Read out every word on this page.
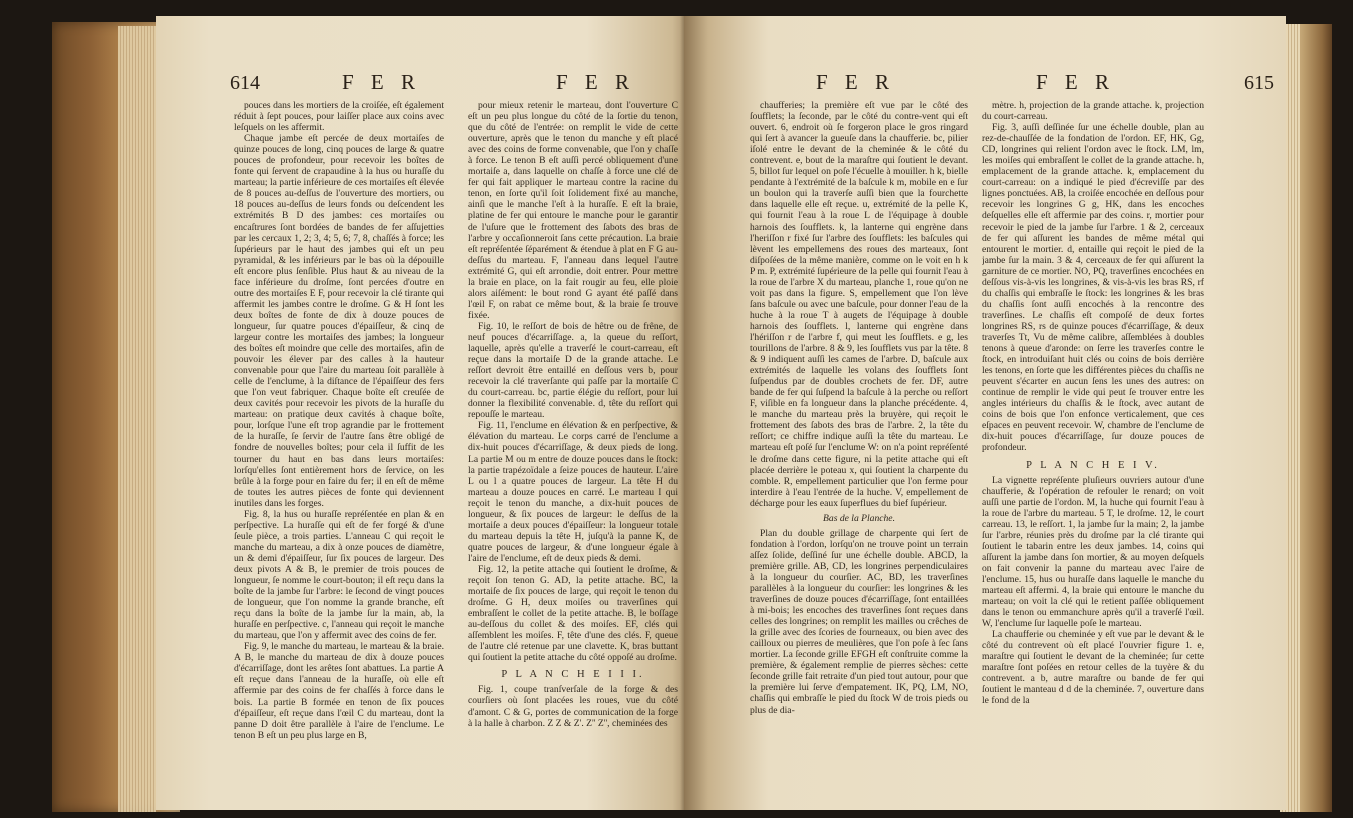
614	F E R	F E R

pouces dans les mortiers de la croiſée, eſt également réduit à ſept pouces, pour laiſſer place aux coins avec leſquels on les affermit.

Chaque jambe eſt percée de deux mortaiſes de quinze pouces de long, cinq pouces de large & quatre pouces de profondeur, pour recevoir les boîtes de fonte qui ſervent de crapaudine à la hus ou huraſſe du marteau; la partie inférieure de ces mortaiſes eſt élevée de 8 pouces au-deſſus de l'ouverture des mortiers, ou 18 pouces au-deſſus de leurs fonds ou deſcendent les extrémités B D des jambes: ces mortaiſes ou encaſtrures ſont bordées de bandes de fer aſſujetties par les cercaux 1, 2; 3, 4; 5, 6; 7, 8, chaſſés à force; les ſupérieurs par le haut des jambes qui eſt un peu pyramidal, & les inférieurs par le bas où la dépouille eſt encore plus ſenſible. Plus haut & au niveau de la face inférieure du droſme, ſont percées d'outre en outre des mortaiſes E F, pour recevoir la clé tirante qui affermit les jambes contre le droſme. G & H ſont les deux boîtes de fonte de dix à douze pouces de longueur, ſur quatre pouces d'épaiſſeur, & cinq de largeur contre les mortaiſes des jambes; la longueur des boîtes eſt moindre que celle des mortaiſes, afin de pouvoir les élever par des calles à la hauteur convenable pour que l'aire du marteau ſoit parallèle à celle de l'enclume, à la diſtance de l'épaiſſeur des fers que l'on veut fabriquer. Chaque boîte eſt creuſée de deux cavités pour recevoir les pivots de la huraſſe du marteau: on pratique deux cavités à chaque boîte, pour, lorſque l'une eſt trop agrandie par le frottement de la huraſſe, ſe ſervir de l'autre ſans être obligé de fondre de nouvelles boîtes; pour cela il ſuffit de les tourner du haut en bas dans leurs mortaiſes: lorſqu'elles ſont entièrement hors de ſervice, on les brûle à la forge pour en faire du fer; il en eſt de même de toutes les autres pièces de fonte qui deviennent inutiles dans les forges.

Fig. 8, la hus ou huraſſe repréſentée en plan & en perſpective. La huraſſe qui eſt de fer forgé & d'une ſeule pièce, a trois parties. L'anneau C qui reçoit le manche du marteau, a dix à onze pouces de diamètre, un & demi d'épaiſſeur, ſur ſix pouces de largeur. Des deux pivots A & B, le premier de trois pouces de longueur, ſe nomme le court-bouton; il eſt reçu dans la boîte de la jambe ſur l'arbre: le ſecond de vingt pouces de longueur, que l'on nomme la grande branche, eſt reçu dans la boîte de la jambe ſur la main, ab, la huraſſe en perſpective. c, l'anneau qui reçoit le manche du marteau, que l'on y affermit avec des coins de fer.

Fig. 9, le manche du marteau, le marteau & la braie. A B, le manche du marteau de dix à douze pouces d'écarriſſage, dont les arêtes ſont abattues. La partie A eſt reçue dans l'anneau de la huraſſe, où elle eſt affermie par des coins de fer chaſſés à force dans le bois. La partie B formée en tenon de ſix pouces d'épaiſſeur, eſt reçue dans l'œil C du marteau, dont la panne D doit être parallèle à l'aire de l'enclume. Le tenon B eſt un peu plus large en B,

pour mieux retenir le marteau, dont l'ouverture C eſt un peu plus longue du côté de la ſortie du tenon, que du côté de l'entrée: on remplit le vide de cette ouverture, après que le tenon du manche y eſt placé avec des coins de forme convenable, que l'on y chaſſe à force. Le tenon B eſt auſſi percé obliquement d'une mortaiſe a, dans laquelle on chaſſe à force une clé de fer qui fait appliquer le marteau contre la racine du tenon, en ſorte qu'il ſoit ſolidement fixé au manche, ainſi que le manche l'eſt à la huraſſe. E eſt la braie, platine de fer qui entoure le manche pour le garantir de l'uſure que le frottement des ſabots des bras de l'arbre y occaſionneroit ſans cette précaution. La braie eſt repréſentée ſéparément & étendue à plat en F G au-deſſus du marteau. F, l'anneau dans lequel l'autre extrémité G, qui eſt arrondie, doit entrer. Pour mettre la braie en place, on la fait rougir au feu, elle ploie alors aiſément: le bout rond G ayant été paſſé dans l'œil F, on rabat ce même bout, & la braie ſe trouve fixée.

Fig. 10, le reſſort de bois de hêtre ou de frêne, de neuf pouces d'écarriſſage. a, la queue du reſſort, laquelle, après qu'elle a traverſé le court-carreau, eſt reçue dans la mortaiſe D de la grande attache. Le reſſort devroit être entaillé en deſſous vers b, pour recevoir la clé traverſante qui paſſe par la mortaiſe C du court-carreau. bc, partie élégie du reſſort, pour lui donner la flexibilité convenable. d, tête du reſſort qui repouſſe le marteau.

Fig. 11, l'enclume en élévation & en perſpective, & élévation du marteau. Le corps carré de l'enclume a dix-huit pouces d'écarriſſage, & deux pieds de long. La partie M ou m entre de douze pouces dans le ſtock: la partie trapézoïdale a ſeize pouces de hauteur. L'aire L ou l a quatre pouces de largeur. La tête H du marteau a douze pouces en carré. Le marteau I qui reçoit le tenon du manche, a dix-huit pouces de longueur, & ſix pouces de largeur: le deſſus de la mortaiſe a deux pouces d'épaiſſeur: la longueur totale du marteau depuis la tête H, juſqu'à la panne K, de quatre pouces de largeur, & d'une longueur égale à l'aire de l'enclume, eſt de deux pieds & demi.

Fig. 12, la petite attache qui ſoutient le droſme, & reçoit ſon tenon G. AD, la petite attache. BC, la mortaiſe de ſix pouces de large, qui reçoit le tenon du droſme. G H, deux moiſes ou traverſines qui embraſſent le collet de la petite attache. B, le boſſage au-deſſous du collet & des moiſes. EF, clés qui aſſemblent les moiſes. F, tête d'une des clés. F, queue de l'autre clé retenue par une clavette. K, bras buttant qui ſoutient la petite attache du côté oppoſé au droſme.

P L A N C H E I I I.

Fig. 1, coupe tranſverſale de la forge & des courſiers où ſont placées les roues, vue du côté d'amont. C & G, portes de communication de la forge à la halle à charbon. Z Z & Z'. Z'' Z'', cheminées des

F E R	F E R	615

chaufferies; la première eſt vue par le côté des ſoufflets; la ſeconde, par le côté du contre-vent qui eſt ouvert. 6, endroit où ſe forgeron place le gros ringard qui ſert à avancer la gueuſe dans la chaufferie. bc, pilier iſolé entre le devant de la cheminée & le côté du contrevent. e, bout de la maraſtre qui ſoutient le devant. 5, billot ſur lequel on poſe l'écuelle à mouiller. h k, bielle pendante à l'extrémité de la baſcule k m, mobile en e ſur un boulon qui la traverſe auſſi bien que la fourchette dans laquelle elle eſt reçue. u, extrémité de la pelle K, qui fournit l'eau à la roue L de l'équipage à double harnois des ſoufflets. k, la lanterne qui engrène dans l'heriſſon r fixé ſur l'arbre des ſoufflets: les baſcules qui lèvent les empellemens des roues des marteaux, ſont diſpoſées de la même manière, comme on le voit en h k P m. P, extrémité ſupérieure de la pelle qui fournit l'eau à la roue de l'arbre X du marteau, planche 1, roue qu'on ne voit pas dans la figure. S, empellement que l'on lève ſans baſcule ou avec une baſcule, pour donner l'eau de la huche à la roue T à augets de l'équipage à double harnois des ſoufflets. l, lanterne qui engrène dans l'hériſſon r de l'arbre f, qui meut les ſoufflets. e g, les tourillons de l'arbre. 8 & 9, les ſoufflets vus par la tête. 8 & 9 indiquent auſſi les cames de l'arbre. D, baſcule aux extrémités de laquelle les volans des ſoufflets ſont ſuſpendus par de doubles crochets de fer. DF, autre bande de fer qui ſuſpend la baſcule à la perche ou reſſort F, viſible en fa longueur dans la planche précédente. 4, le manche du marteau près la bruyère, qui reçoit le frottement des ſabots des bras de l'arbre. 2, la tête du reſſort; ce chiffre indique auſſi la tête du marteau. Le marteau eſt poſé ſur l'enclume W: on n'a point repréſenté le droſme dans cette figure, ni la petite attache qui eſt placée derrière le poteau x, qui ſoutient la charpente du comble. R, empellement particulier que l'on ferme pour interdire à l'eau l'entrée de la huche. V, empellement de décharge pour les eaux ſuperflues du bief ſupérieur.

Bas de la Planche.

Plan du double grillage de charpente qui ſert de fondation à l'ordon, lorſqu'on ne trouve point un terrain aſſez ſolide, deſſiné ſur une échelle double. ABCD, la première grille. AB, CD, les longrines perpendiculaires à la longueur du courſier. AC, BD, les traverſines parallèles à la longueur du courſier: les longrines & les traverſines de douze pouces d'écarriſſage, ſont entaillées à mi-bois; les encoches des traverſines ſont reçues dans celles des longrines; on remplit les mailles ou crêches de la grille avec des ſcories de fourneaux, ou bien avec des cailloux ou pierres de meulières, que l'on poſe à ſec ſans mortier. La ſeconde grille EFGH eſt conſtruite comme la première, & également remplie de pierres sèches: cette ſeconde grille fait retraite d'un pied tout autour, pour que la première lui ſerve d'empatement. IK, PQ, LM, NO, chaſſis qui embraſſe le pied du ſtock W de trois pieds ou plus de dia-

mètre. h, projection de la grande attache. k, projection du court-carreau.

Fig. 3, auſſi deſſinée ſur une échelle double, plan au rez-de-chauſſée de la fondation de l'ordon. EF, HK, Gg, CD, longrines qui relient l'ordon avec le ſtock. LM, lm, les moiſes qui embraſſent le collet de la grande attache. h, emplacement de la grande attache. k, emplacement du court-carreau: on a indiqué le pied d'écreviſſe par des lignes ponctuées. AB, la croiſée encochée en deſſous pour recevoir les longrines G g, HK, dans les encoches deſquelles elle eſt affermie par des coins. r, mortier pour recevoir le pied de la jambe ſur l'arbre. 1 & 2, cerceaux de fer qui aſſurent les bandes de même métal qui entourent le mortier. d, entaille qui reçoit le pied de la jambe ſur la main. 3 & 4, cerceaux de fer qui aſſurent la garniture de ce mortier. NO, PQ, traverſines encochées en deſſous vis-à-vis les longrines, & vis-à-vis les bras RS, rf du chaſſis qui embraſſe le ſtock: les longrines & les bras du chaſſis ſont auſſi encochés à la rencontre des traverſines. Le chaſſis eſt compoſé de deux fortes longrines RS, rs de quinze pouces d'écarriſſage, & deux traverſes Tt, Vu de même calibre, aſſemblées à doubles tenons à queue d'aronde: on ſerre les traverſes contre le ſtock, en introduiſant huit clés ou coins de bois derrière les tenons, en ſorte que les différentes pièces du chaſſis ne peuvent s'écarter en aucun ſens les unes des autres: on continue de remplir le vide qui peut ſe trouver entre les angles intérieurs du chaſſis & le ſtock, avec autant de coins de bois que l'on enfonce verticalement, que ces eſpaces en peuvent recevoir. W, chambre de l'enclume de dix-huit pouces d'écarriſſage, ſur douze pouces de profondeur.

P L A N C H E I V.

La vignette repréſente pluſieurs ouvriers autour d'une chaufferie, & l'opération de refouler le renard; on voit auſſi une partie de l'ordon. M, la huche qui fournit l'eau à la roue de l'arbre du marteau. 5 T, le droſme. 12, le court carreau. 13, le reſſort. 1, la jambe ſur la main; 2, la jambe ſur l'arbre, réunies près du droſme par la clé tirante qui ſoutient le tabarin entre les deux jambes. 14, coins qui aſſurent la jambe dans ſon mortier, & au moyen deſquels on fait convenir la panne du marteau avec l'aire de l'enclume. 15, hus ou huraſſe dans laquelle le manche du marteau eſt affermi. 4, la braie qui entoure le manche du marteau; on voit la clé qui le retient paſſée obliquement dans le tenon ou emmanchure après qu'il a traverſé l'œil. W, l'enclume ſur laquelle poſe le marteau.

La chaufferie ou cheminée y eſt vue par le devant & le côté du contrevent où eſt placé l'ouvrier figure 1. e, maraſtre qui ſoutient le devant de la cheminée; ſur cette maraſtre ſont poſées en retour celles de la tuyère & du contrevent. a b, autre maraſtre ou bande de fer qui ſoutient le manteau d d de la cheminée. 7, ouverture dans le fond de la
